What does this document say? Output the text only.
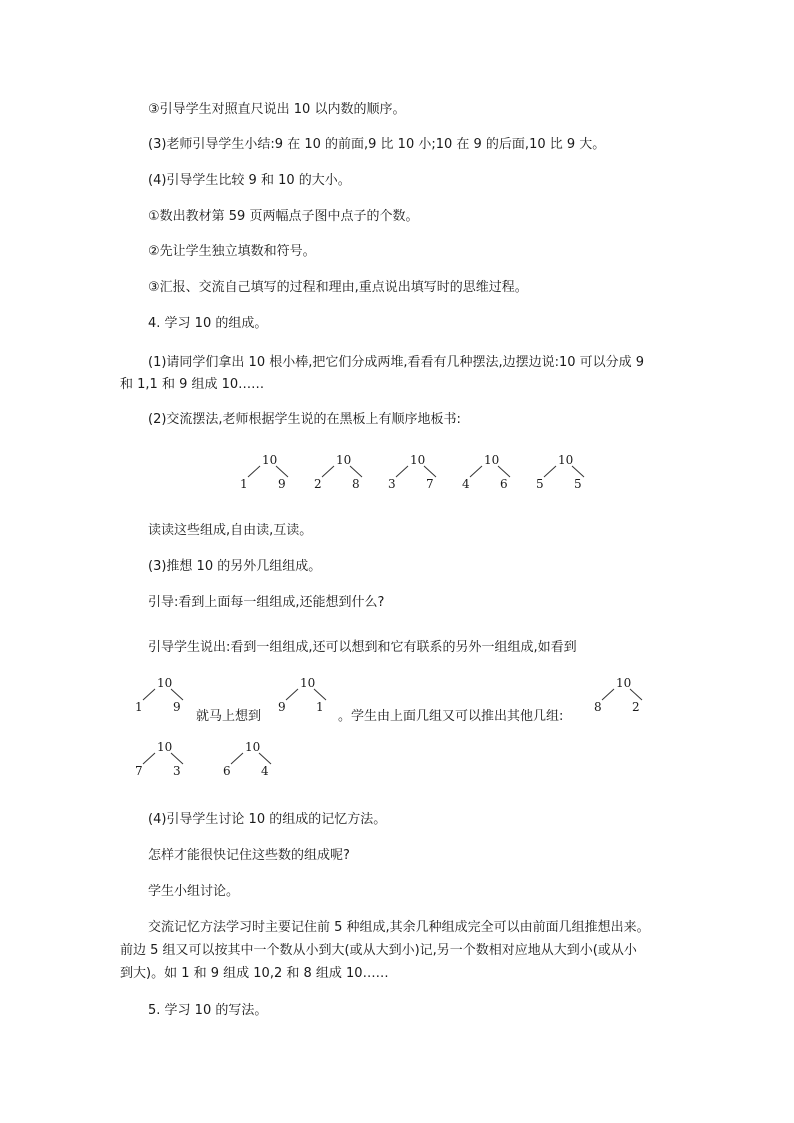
③引导学生对照直尺说出 10 以内数的顺序。
(3)老师引导学生小结:9 在 10 的前面,9 比 10 小;10 在 9 的后面,10 比 9 大。
(4)引导学生比较 9 和 10 的大小。
①数出教材第 59 页两幅点子图中点子的个数。
②先让学生独立填数和符号。
③汇报、交流自己填写的过程和理由,重点说出填写时的思维过程。
4. 学习 10 的组成。
(1)请同学们拿出 10 根小棒,把它们分成两堆,看看有几种摆法,边摆边说:10 可以分成 9
和 1,1 和 9 组成 10……
(2)交流摆法,老师根据学生说的在黑板上有顺序地板书:
10
1	9
10
2	8
10
3	7
10
4	6
10
5	5
读读这些组成,自由读,互读。
(3)推想 10 的另外几组组成。
引导:看到上面每一组组成,还能想到什么?
引导学生说出:看到一组组成,还可以想到和它有联系的另外一组组成,如看到
10
1	9
就马上想到
10
9	1
。学生由上面几组又可以推出其他几组:
10
8	2
10
7	3
10
6	4
(4)引导学生讨论 10 的组成的记忆方法。
怎样才能很快记住这些数的组成呢?
学生小组讨论。
交流记忆方法学习时主要记住前 5 种组成,其余几种组成完全可以由前面几组推想出来。
前边 5 组又可以按其中一个数从小到大(或从大到小)记,另一个数相对应地从大到小(或从小
到大)。如 1 和 9 组成 10,2 和 8 组成 10……
5. 学习 10 的写法。
